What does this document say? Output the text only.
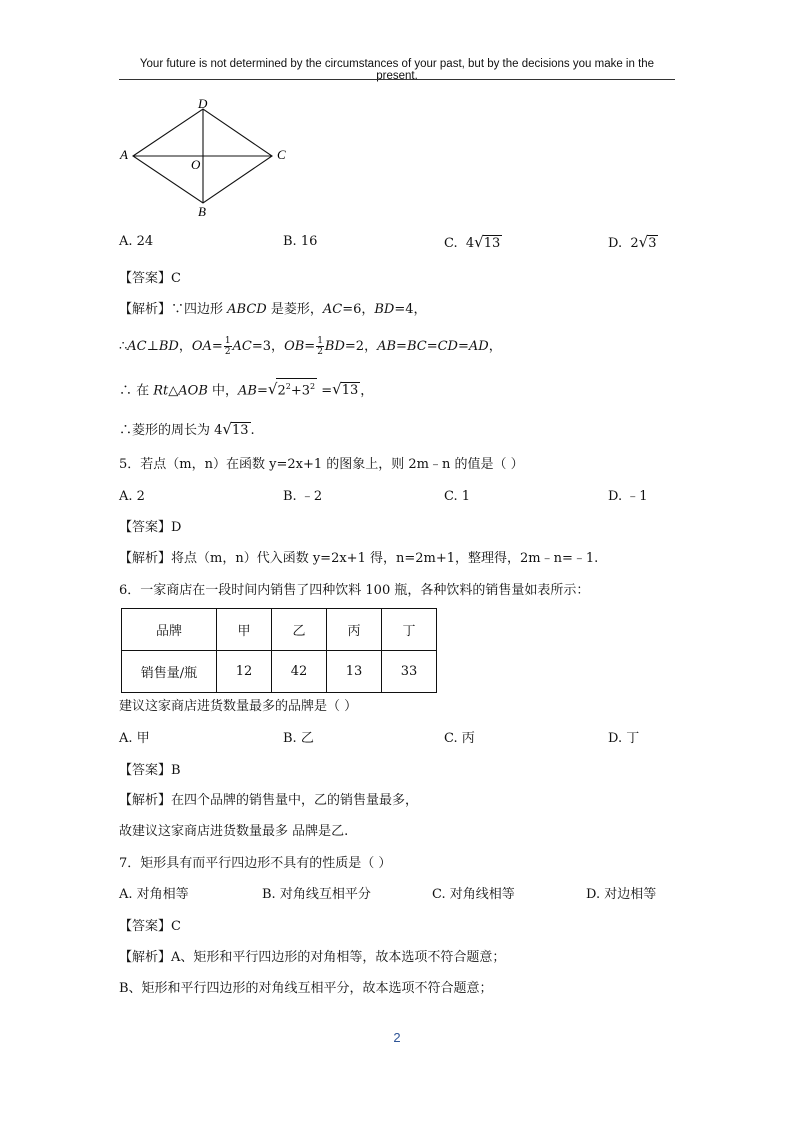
Your future is not determined by the circumstances of your past, but by the decisions you make in the present.
D
A
O
C
B
A. 24	B. 16	C. 4√13	D. 2√3
【答案】C
【解析】∵四边形 ABCD 是菱形，AC=6，BD=4，
∴AC⊥BD，$OA= \frac{1}{2} AC=3$，$OB= \frac{1}{2} BD=2$，AB=BC=CD=AD，
∴ 在 Rt△AOB 中，$AB=√2^2+3^2 =√13$ ，
∴菱形的周长为 4√13 .
5．若点（m，n）在函数 y=2x+1 的图象上，则 2m﹣n 的值是（ ）
A. 2	B. ﹣2	C. 1	D. ﹣1
【答案】D
【解析】将点（m，n）代入函数 y=2x+1 得，n=2m+1，整理得，2m﹣n=﹣1.
6．一家商店在一段时间内销售了四种饮料 100 瓶，各种饮料的销售量如表所示：
品牌	甲	乙	丙	丁
销售量/瓶	12	42	13	33
建议这家商店进货数量最多的品牌是（ ）
A. 甲	B. 乙	C. 丙	D. 丁
【答案】B
【解析】在四个品牌的销售量中，乙的销售量最多，
故建议这家商店进货数量最多 品牌是乙.
7．矩形具有而平行四边形不具有的性质是（ ）
A. 对角相等	B. 对角线互相平分	C. 对角线相等	D. 对边相等
【答案】C
【解析】A、矩形和平行四边形的对角相等，故本选项不符合题意；
B、矩形和平行四边形的对角线互相平分，故本选项不符合题意；
2
